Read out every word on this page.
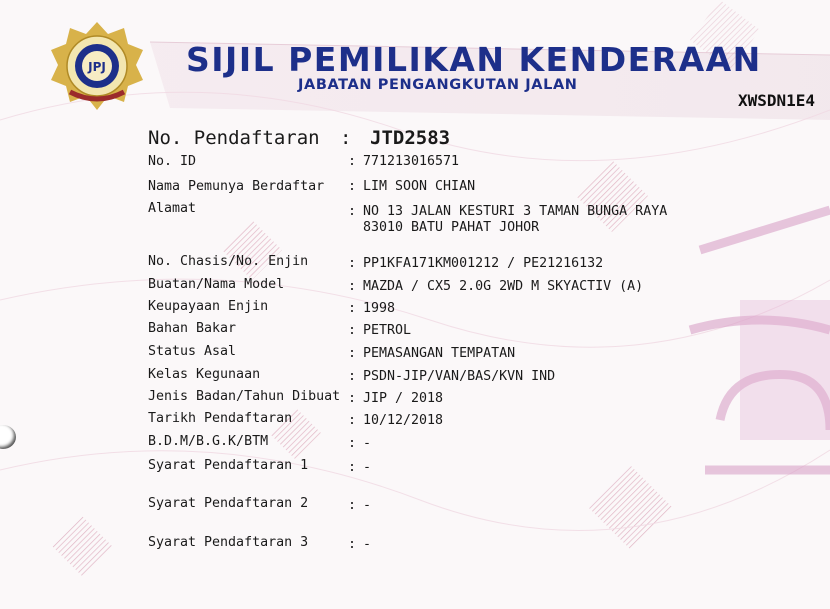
JPJ SIJIL PEMILIKAN KENDERAAN
JABATAN PENGANGKUTAN JALAN
XWSDN1E4
No. Pendaftaran : JTD2583
No. ID	: 771213016571
Nama Pemunya Berdaftar : LIM SOON CHIAN
Alamat	: NO 13 JALAN KESTURI 3 TAMAN BUNGA RAYA
83010 BATU PAHAT JOHOR
No. Chasis/No. Enjin	: PP1KFA171KM001212 / PE21216132
Buatan/Nama Model	: MAZDA / CX5 2.0G 2WD M SKYACTIV (A)
Keupayaan Enjin	: 1998
Bahan Bakar	: PETROL
Status Asal	: PEMASANGAN TEMPATAN
Kelas Kegunaan	: PSDN-JIP/VAN/BAS/KVN IND
Jenis Badan/Tahun Dibuat : JIP / 2018
Tarikh Pendaftaran	: 10/12/2018
B.D.M/B.G.K/BTM	: -
Syarat Pendaftaran 1	: -
Syarat Pendaftaran 2	: -
Syarat Pendaftaran 3	: -
